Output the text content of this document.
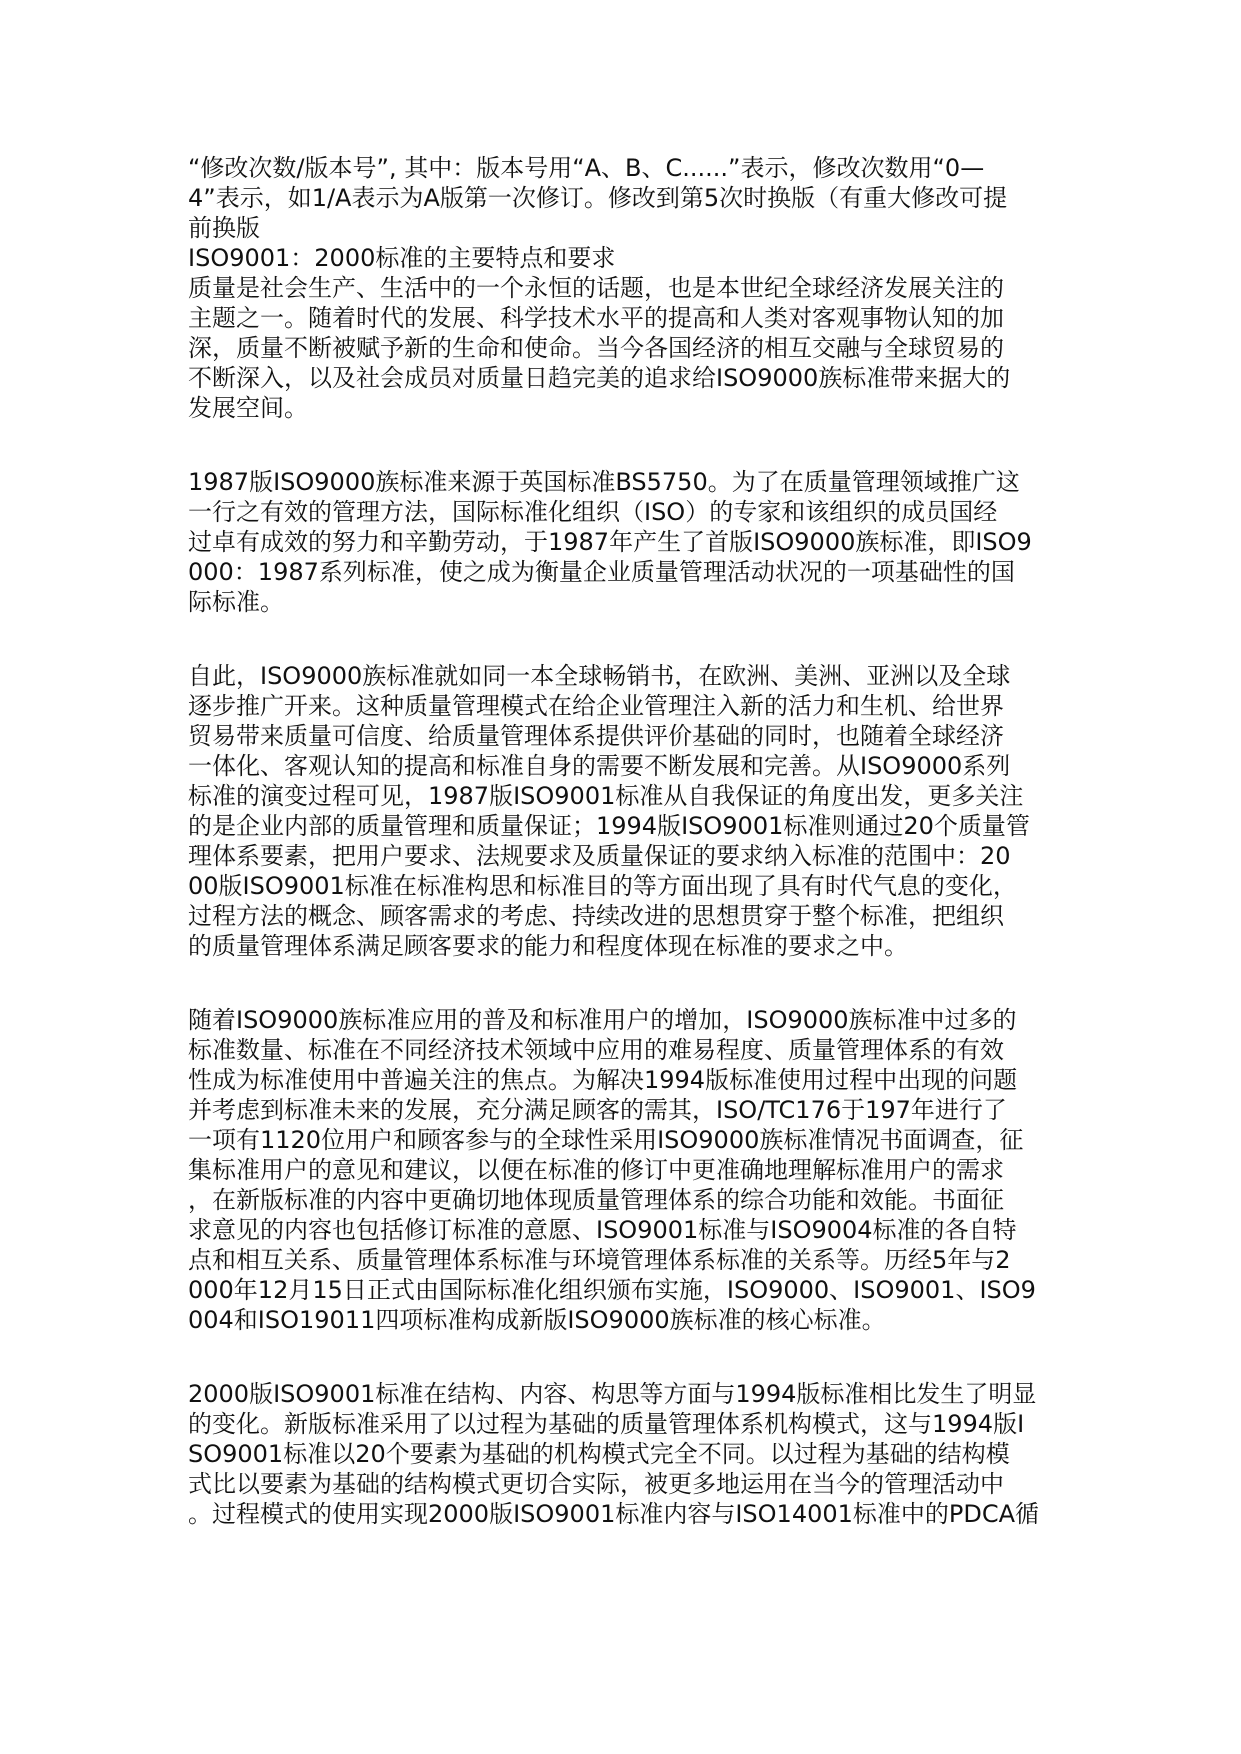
“修改次数/版本号”, 其中：版本号用“A、B、C......”表示，修改次数用“0—
4”表示，如1/A表示为A版第一次修订。修改到第5次时换版（有重大修改可提
前换版
ISO9001：2000标准的主要特点和要求
质量是社会生产、生活中的一个永恒的话题，也是本世纪全球经济发展关注的
主题之一。随着时代的发展、科学技术水平的提高和人类对客观事物认知的加
深，质量不断被赋予新的生命和使命。当今各国经济的相互交融与全球贸易的
不断深入，以及社会成员对质量日趋完美的追求给ISO9000族标准带来据大的
发展空间。
1987版ISO9000族标准来源于英国标准BS5750。为了在质量管理领域推广这
一行之有效的管理方法，国际标准化组织（ISO）的专家和该组织的成员国经
过卓有成效的努力和辛勤劳动，于1987年产生了首版ISO9000族标准，即ISO9
000：1987系列标准，使之成为衡量企业质量管理活动状况的一项基础性的国
际标准。
自此，ISO9000族标准就如同一本全球畅销书，在欧洲、美洲、亚洲以及全球
逐步推广开来。这种质量管理模式在给企业管理注入新的活力和生机、给世界
贸易带来质量可信度、给质量管理体系提供评价基础的同时，也随着全球经济
一体化、客观认知的提高和标准自身的需要不断发展和完善。从ISO9000系列
标准的演变过程可见，1987版ISO9001标准从自我保证的角度出发，更多关注
的是企业内部的质量管理和质量保证；1994版ISO9001标准则通过20个质量管
理体系要素，把用户要求、法规要求及质量保证的要求纳入标准的范围中：20
00版ISO9001标准在标准构思和标准目的等方面出现了具有时代气息的变化，
过程方法的概念、顾客需求的考虑、持续改进的思想贯穿于整个标准，把组织
的质量管理体系满足顾客要求的能力和程度体现在标准的要求之中。
随着ISO9000族标准应用的普及和标准用户的增加，ISO9000族标准中过多的
标准数量、标准在不同经济技术领域中应用的难易程度、质量管理体系的有效
性成为标准使用中普遍关注的焦点。为解决1994版标准使用过程中出现的问题
并考虑到标准未来的发展，充分满足顾客的需其，ISO/TC176于197年进行了
一项有1120位用户和顾客参与的全球性采用ISO9000族标准情况书面调查，征
集标准用户的意见和建议，以便在标准的修订中更准确地理解标准用户的需求
，在新版标准的内容中更确切地体现质量管理体系的综合功能和效能。书面征
求意见的内容也包括修订标准的意愿、ISO9001标准与ISO9004标准的各自特
点和相互关系、质量管理体系标准与环境管理体系标准的关系等。历经5年与2
000年12月15日正式由国际标准化组织颁布实施，ISO9000、ISO9001、ISO9
004和ISO19011四项标准构成新版ISO9000族标准的核心标准。
2000版ISO9001标准在结构、内容、构思等方面与1994版标准相比发生了明显
的变化。新版标准采用了以过程为基础的质量管理体系机构模式，这与1994版I
SO9001标准以20个要素为基础的机构模式完全不同。以过程为基础的结构模
式比以要素为基础的结构模式更切合实际，被更多地运用在当今的管理活动中
。过程模式的使用实现2000版ISO9001标准内容与ISO14001标准中的PDCA循
